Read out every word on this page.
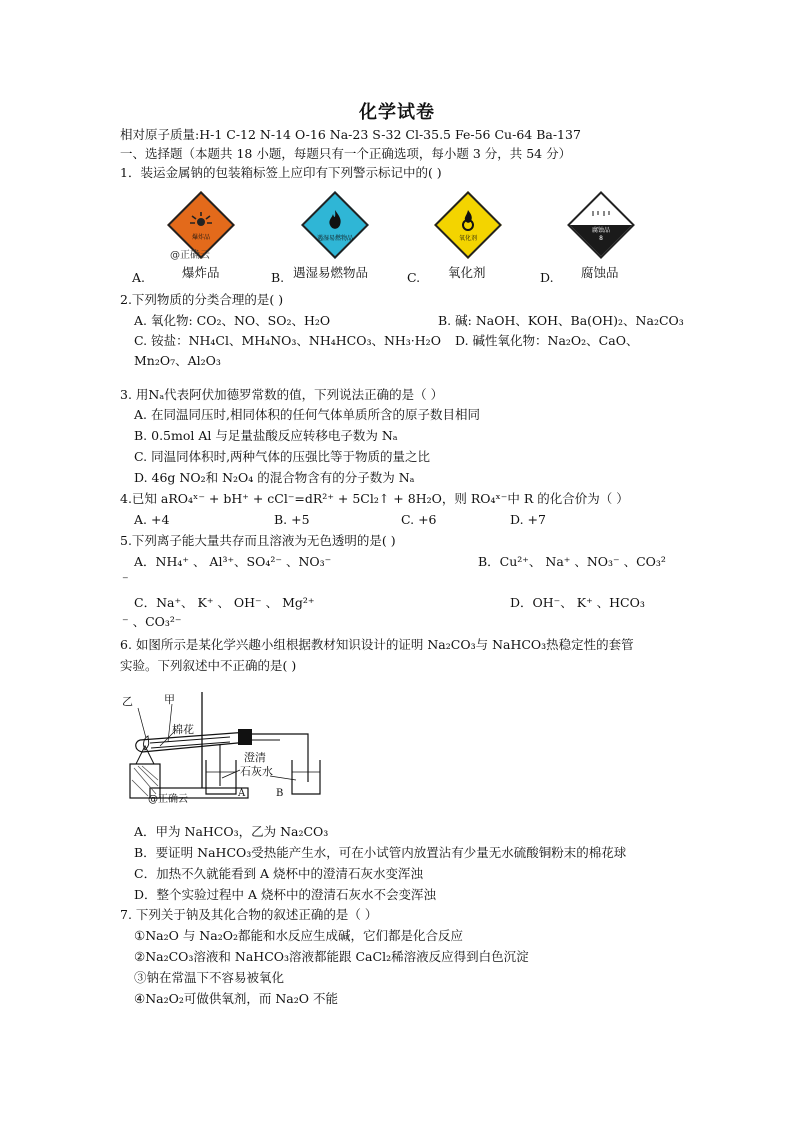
化学试卷
相对原子质量:H-1 C-12 N-14 O-16 Na-23 S-32 Cl-35.5 Fe-56 Cu-64 Ba-137
一、选择题（本题共 18 小题，每题只有一个正确选项，每小题 3 分，共 54 分）
1．装运金属钠的包装箱标签上应印有下列警示标记中的( )
爆炸品
@正确云
A.	爆炸品
遇湿易燃物品
B. 遇湿易燃物品
氧化剂
C. 氧化剂
腐蚀品
8
D. 腐蚀品
2.下列物质的分类合理的是( )
A. 氧化物: CO₂、NO、SO₂、H₂O	B. 碱: NaOH、KOH、Ba(OH)₂、Na₂CO₃
C. 铵盐：NH₄Cl、MH₄NO₃、NH₄HCO₃、NH₃·H₂O D. 碱性氧化物：Na₂O₂、CaO、
Mn₂O₇、Al₂O₃
3. 用Nₐ代表阿伏加德罗常数的值，下列说法正确的是（ ）
A. 在同温同压时,相同体积的任何气体单质所含的原子数目相同
B. 0.5mol Al 与足量盐酸反应转移电子数为 Nₐ
C. 同温同体积时,两种气体的压强比等于物质的量之比
D. 46g NO₂和 N₂O₄ 的混合物含有的分子数为 Nₐ
4.已知 aRO₄ˣ⁻ + bH⁺ + cCl⁻=dR²⁺ + 5Cl₂↑ + 8H₂O，则 RO₄ˣ⁻中 R 的化合价为（ ）
A. +4	B. +5	C. +6	D. +7
5.下列离子能大量共存而且溶液为无色透明的是( )
A．NH₄⁺ 、 Al³⁺、SO₄²⁻ 、NO₃⁻	B．Cu²⁺、 Na⁺ 、NO₃⁻ 、CO₃²
⁻
C．Na⁺、 K⁺ 、 OH⁻ 、 Mg²⁺	D．OH⁻、 K⁺ 、HCO₃
⁻ 、CO₃²⁻
6. 如图所示是某化学兴趣小组根据教材知识设计的证明 Na₂CO₃与 NaHCO₃热稳定性的套管
实验。下列叙述中不正确的是( )
乙	甲
棉花
澄清
石灰水
A	B
@正确云
A．甲为 NaHCO₃，乙为 Na₂CO₃
B．要证明 NaHCO₃受热能产生水，可在小试管内放置沾有少量无水硫酸铜粉末的棉花球
C．加热不久就能看到 A 烧杯中的澄清石灰水变浑浊
D．整个实验过程中 A 烧杯中的澄清石灰水不会变浑浊
7. 下列关于钠及其化合物的叙述正确的是（ ）
①Na₂O 与 Na₂O₂都能和水反应生成碱，它们都是化合反应
②Na₂CO₃溶液和 NaHCO₃溶液都能跟 CaCl₂稀溶液反应得到白色沉淀
③钠在常温下不容易被氧化
④Na₂O₂可做供氧剂，而 Na₂O 不能
